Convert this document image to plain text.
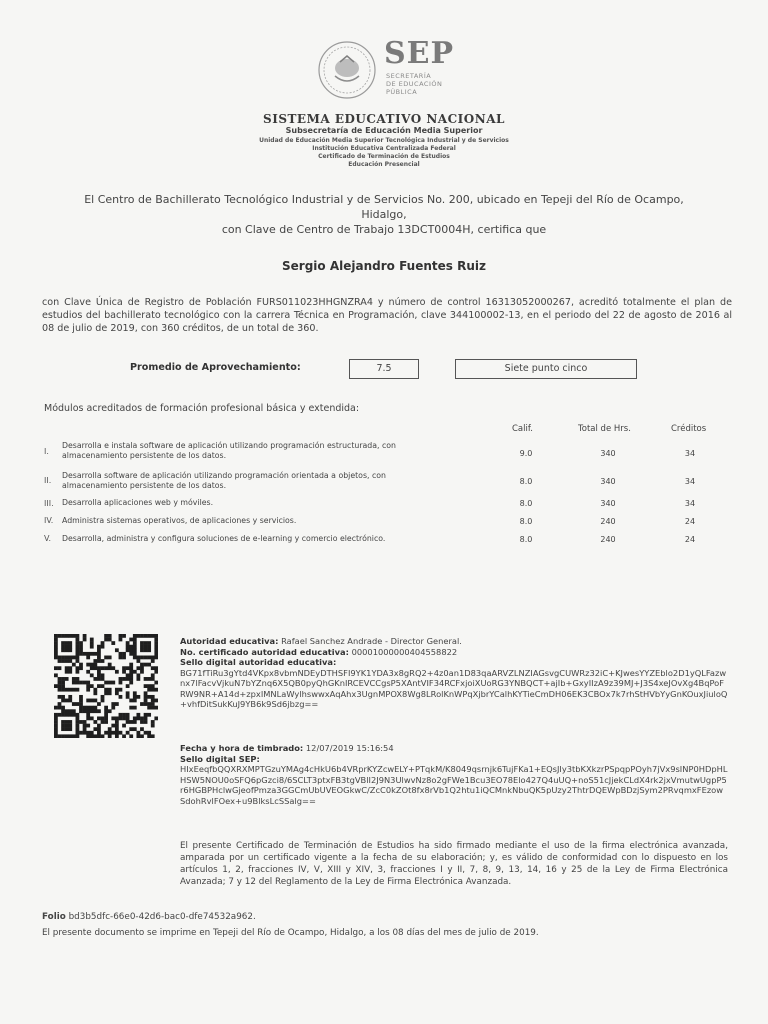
SEP
SECRETARÍA
DE EDUCACIÓN
PÚBLICA
SISTEMA EDUCATIVO NACIONAL
Subsecretaría de Educación Media Superior
Unidad de Educación Media Superior Tecnológica Industrial y de Servicios
Institución Educativa Centralizada Federal
Certificado de Terminación de Estudios
Educación Presencial
El Centro de Bachillerato Tecnológico Industrial y de Servicios No. 200, ubicado en Tepeji del Río de Ocampo,
Hidalgo,
con Clave de Centro de Trabajo 13DCT0004H, certifica que
Sergio Alejandro Fuentes Ruiz
con Clave Única de Registro de Población FURS011023HHGNZRA4 y número de control 16313052000267, acreditó totalmente el plan de estudios del bachillerato tecnológico con la carrera Técnica en Programación, clave 344100002-13, en el periodo del 22 de agosto de 2016 al 08 de julio de 2019, con 360 créditos, de un total de 360.
Promedio de Aprovechamiento:	7.5	Siete punto cinco
Módulos acreditados de formación profesional básica y extendida:
Calif.	Total de Hrs.	Créditos
I.
Desarrolla e instala software de aplicación utilizando programación estructurada, con
almacenamiento persistente de los datos.	9.0	340	34
II.
Desarrolla software de aplicación utilizando programación orientada a objetos, con
almacenamiento persistente de los datos.	8.0	340	34
III. Desarrolla aplicaciones web y móviles.	8.0	340	34
IV. Administra sistemas operativos, de aplicaciones y servicios.	8.0	240	24
V. Desarrolla, administra y configura soluciones de e-learning y comercio electrónico.	8.0	240	24
Autoridad educativa: Rafael Sanchez Andrade - Director General.
No. certificado autoridad educativa: 00001000000404558822
Sello digital autoridad educativa:
BG71fTiRu3gYtd4VKpx8vbmNDEyDTHSFI9YK1YDA3x8gRQ2+4z0an1D83qaARVZLNZIAGsvgCUWRz32iC+KJwesYYZEblo2D1yQLFazwnx7lFacvVjkuN7bYZnq6X5QB0pyQhGKnIRCEVCCgsP5XAntVIF34RCFxjoiXUoRG3YNBQCT+ajIb+GxyIIzA9z39MJ+J3S4xeJOvXg4BqPoFRW9NR+A14d+zpxIMNLaWylhswwxAqAhx3UgnMPOX8Wg8LRolKnWPqXjbrYCalhKYTieCmDH06EK3CBOx7k7rhStHVbYyGnKOuxJiuloQ+vhfDitSukKuJ9YB6k9Sd6jbzg==
Fecha y hora de timbrado: 12/07/2019 15:16:54
Sello digital SEP:
HIxEeqfbQQXRXMPTGzuYMAg4cHkU6b4VRprKYZcwELY+PTqkM/K8049qsrnjk6TujFKa1+EQsJIy3tbKXkzrPSpqpPOyh7jVx9sINP0HDpHLHSW5NOU0oSFQ6pGzci8/6SCLT3ptxFB3tgVBlI2J9N3UlwvNz8o2gFWe1Bcu3EO78Elo427Q4uUQ+noS51cJjekCLdX4rk2jxVmutwUgpP5r6HGBPHclwGjeofPmza3GGCmUbUVEOGkwC/ZcC0kZOt8fx8rVb1Q2htu1iQCMnkNbuQK5pUzy2ThtrDQEWpBDzjSym2PRvqmxFEzowSdohRvlFOex+u9BlksLcSSalg==
El presente Certificado de Terminación de Estudios ha sido firmado mediante el uso de la firma electrónica avanzada, amparada por un certificado vigente a la fecha de su elaboración; y, es válido de conformidad con lo dispuesto en los artículos 1, 2, fracciones IV, V, XIII y XIV, 3, fracciones I y II, 7, 8, 9, 13, 14, 16 y 25 de la Ley de Firma Electrónica Avanzada; 7 y 12 del Reglamento de la Ley de Firma Electrónica Avanzada.
Folio bd3b5dfc-66e0-42d6-bac0-dfe74532a962.
El presente documento se imprime en Tepeji del Río de Ocampo, Hidalgo, a los 08 días del mes de julio de 2019.
